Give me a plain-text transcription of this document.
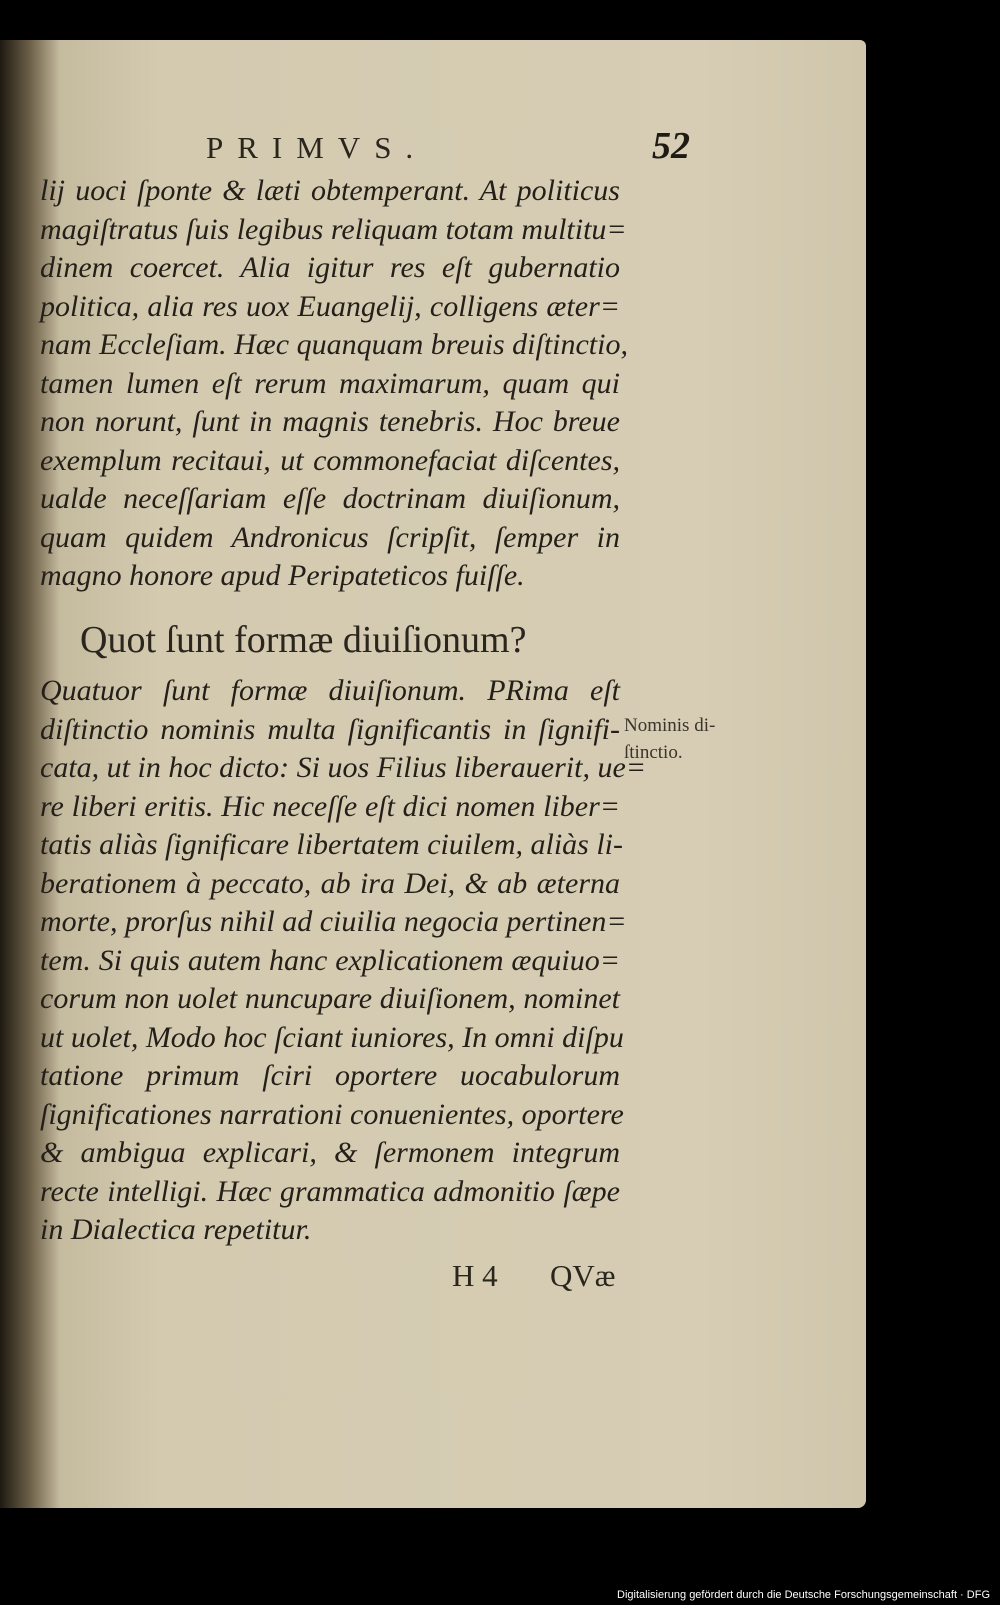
PRIMVS.	52
lij uoci ſponte & læti obtemperant. At politicus
magiſtratus ſuis legibus reliquam totam multitu=
dinem coercet. Alia igitur res eſt gubernatio
politica, alia res uox Euangelij, colligens æter=
nam Eccleſiam. Hæc quanquam breuis diſtinctio,
tamen lumen eſt rerum maximarum, quam qui
non norunt, ſunt in magnis tenebris. Hoc breue
exemplum recitaui, ut commonefaciat diſcentes,
ualde neceſſariam eſſe doctrinam diuiſionum,
quam quidem Andronicus ſcripſit, ſemper in
magno honore apud Peripateticos fuiſſe.
Quot ſunt formæ diuiſionum?
Quatuor ſunt formæ diuiſionum. PRima eſt
diſtinctio nominis multa ſignificantis in ſignifi-
cata, ut in hoc dicto: Si uos Filius liberauerit, ue=
re liberi eritis. Hic neceſſe eſt dici nomen liber=
tatis aliàs ſignificare libertatem ciuilem, aliàs li-
berationem à peccato, ab ira Dei, & ab æterna
morte, prorſus nihil ad ciuilia negocia pertinen=
tem. Si quis autem hanc explicationem æquiuo=
corum non uolet nuncupare diuiſionem, nominet
ut uolet, Modo hoc ſciant iuniores, In omni diſpu
tatione primum ſciri oportere uocabulorum
ſignificationes narrationi conuenientes, oportere
& ambigua explicari, & ſermonem integrum
recte intelligi. Hæc grammatica admonitio ſæpe
in Dialectica repetitur.
Nominis di-
ſtinctio.
H 4 QVæ
Digitalisierung gefördert durch die Deutsche Forschungsgemeinschaft · DFG
